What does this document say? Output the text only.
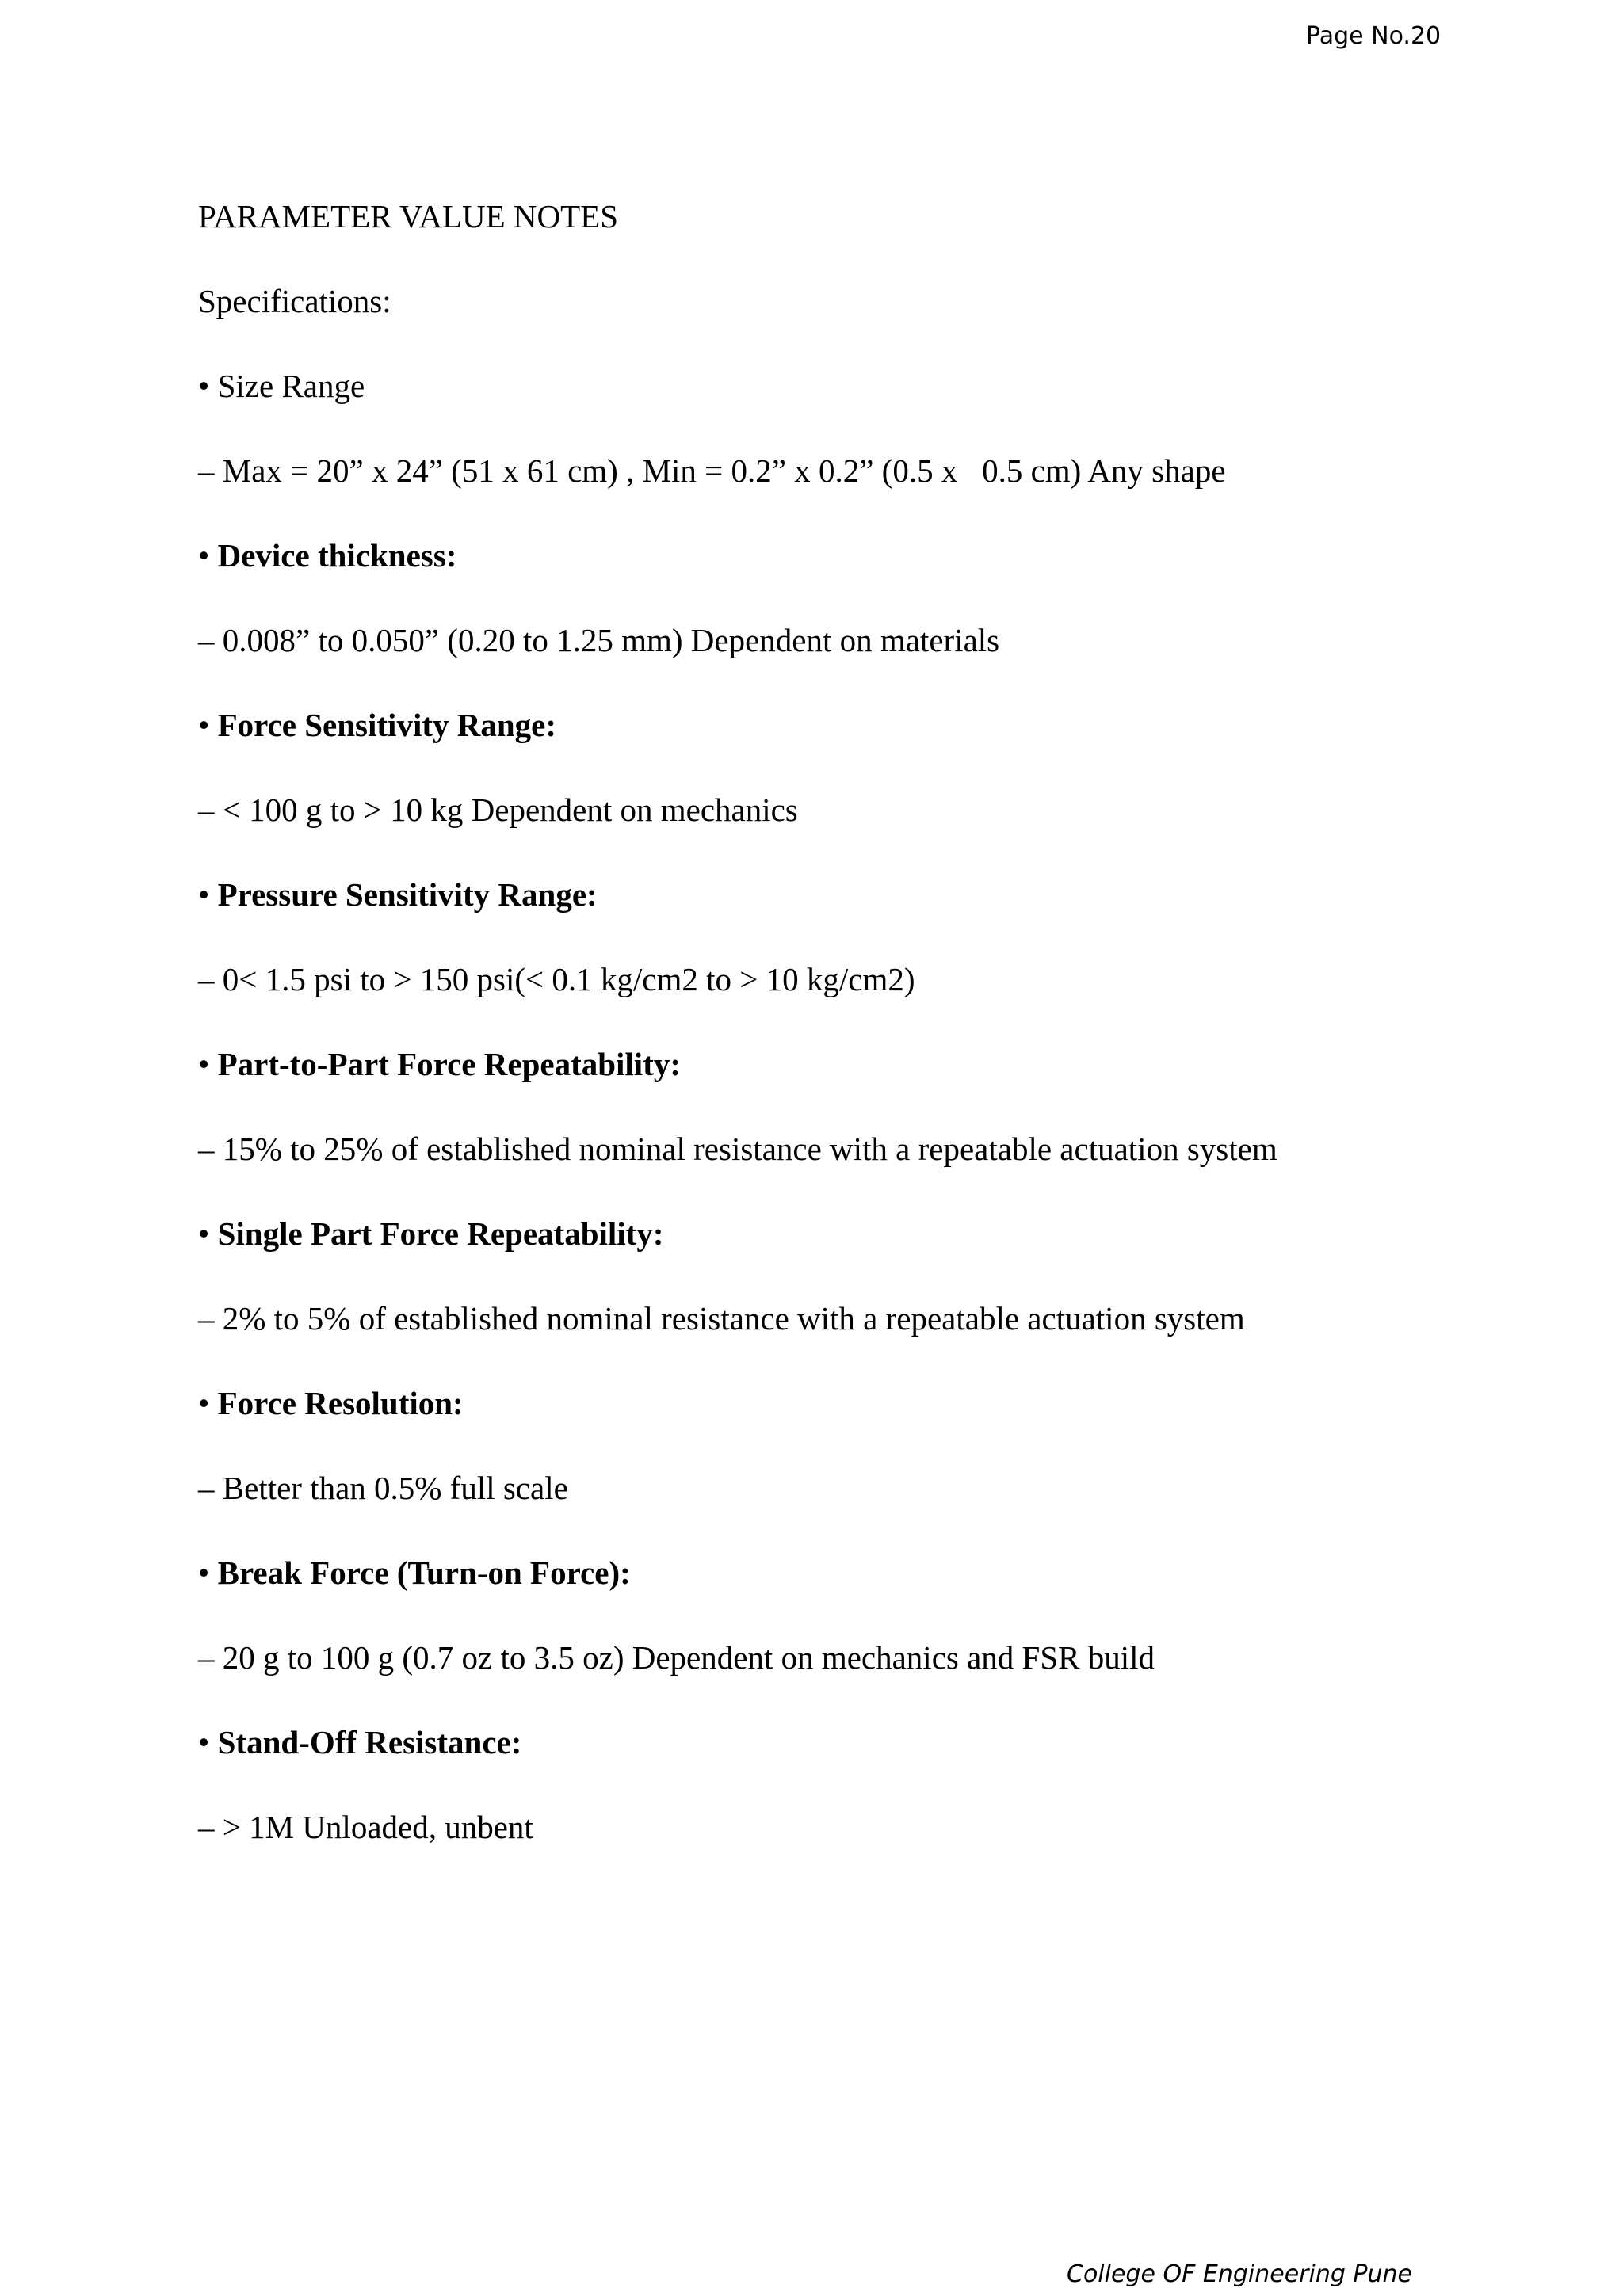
Page No.20
PARAMETER VALUE NOTES
Specifications:
• Size Range
– Max = 20” x 24” (51 x 61 cm) , Min = 0.2” x 0.2” (0.5 x   0.5 cm) Any shape
• Device thickness:
– 0.008” to 0.050” (0.20 to 1.25 mm) Dependent on materials
• Force Sensitivity Range:
– < 100 g to > 10 kg Dependent on mechanics
• Pressure Sensitivity Range:
– 0< 1.5 psi to > 150 psi(< 0.1 kg/cm2 to > 10 kg/cm2)
• Part-to-Part Force Repeatability:
– 15% to 25% of established nominal resistance with a repeatable actuation system
• Single Part Force Repeatability:
– 2% to 5% of established nominal resistance with a repeatable actuation system
• Force Resolution:
– Better than 0.5% full scale
• Break Force (Turn-on Force):
– 20 g to 100 g (0.7 oz to 3.5 oz) Dependent on mechanics and FSR build
• Stand-Off Resistance:
– > 1M Unloaded, unbent
College OF Engineering Pune
